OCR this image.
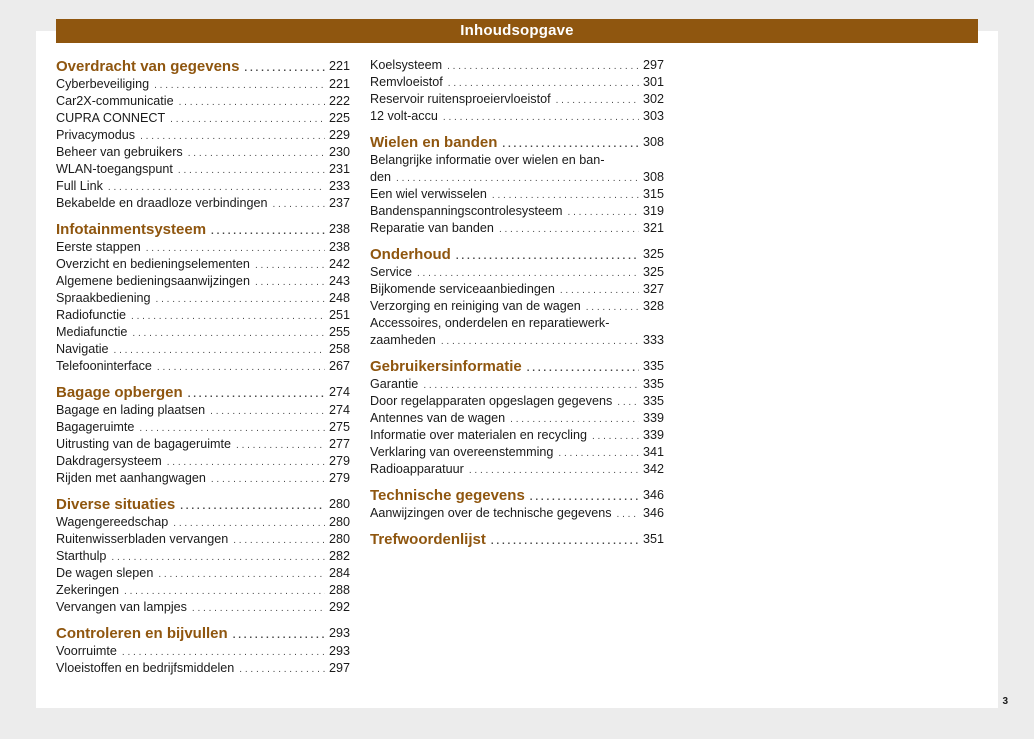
Inhoudsopgave
Overdracht van gegevens . . .	221
Cyberbeveiliging . . .	221
Car2X-communicatie . . .	222
CUPRA CONNECT . . .	225
Privacymodus . . .	229
Beheer van gebruikers . . .	230
WLAN-toegangspunt . . .	231
Full Link . . .	233
Bekabelde en draadloze verbindingen . . .	237
Infotainmentsysteem . . .	238
Eerste stappen . . .	238
Overzicht en bedieningselementen . . .	242
Algemene bedieningsaanwijzingen . . .	243
Spraakbediening . . .	248
Radiofunctie . . .	251
Mediafunctie . . .	255
Navigatie . . .	258
Telefooninterface . . .	267
Bagage opbergen . . .	274
Bagage en lading plaatsen . . .	274
Bagageruimte . . .	275
Uitrusting van de bagageruimte . . .	277
Dakdragersysteem . . .	279
Rijden met aanhangwagen . . .	279
Diverse situaties . . .	280
Wagengereedschap . . .	280
Ruitenwisserbladen vervangen . . .	280
Starthulp . . .	282
De wagen slepen . . .	284
Zekeringen . . .	288
Vervangen van lampjes . . .	292
Controleren en bijvullen . . .	293
Voorruimte . . .	293
Vloeistoffen en bedrijfsmiddelen . . .	297
Koelsysteem . . .	297
Remvloeistof . . .	301
Reservoir ruitensproeiervloeistof . . .	302
12 volt-accu . . .	303
Wielen en banden . . .	308
Belangrijke informatie over wielen en ban-
den . . .	308
Een wiel verwisselen . . .	315
Bandenspanningscontrolesysteem . . .	319
Reparatie van banden . . .	321
Onderhoud . . .	325
Service . . .	325
Bijkomende serviceaanbiedingen . . .	327
Verzorging en reiniging van de wagen . . .	328
Accessoires, onderdelen en reparatiewerk-
zaamheden . . .	333
Gebruikersinformatie . . .	335
Garantie . . .	335
Door regelapparaten opgeslagen gegevens . . . 335
Antennes van de wagen . . .	339
Informatie over materialen en recycling . . .	339
Verklaring van overeenstemming . . .	341
Radioapparatuur . . .	342
Technische gegevens . . .	346
Aanwijzingen over de technische gegevens . . . 346
Trefwoordenlijst . . .	351
3
